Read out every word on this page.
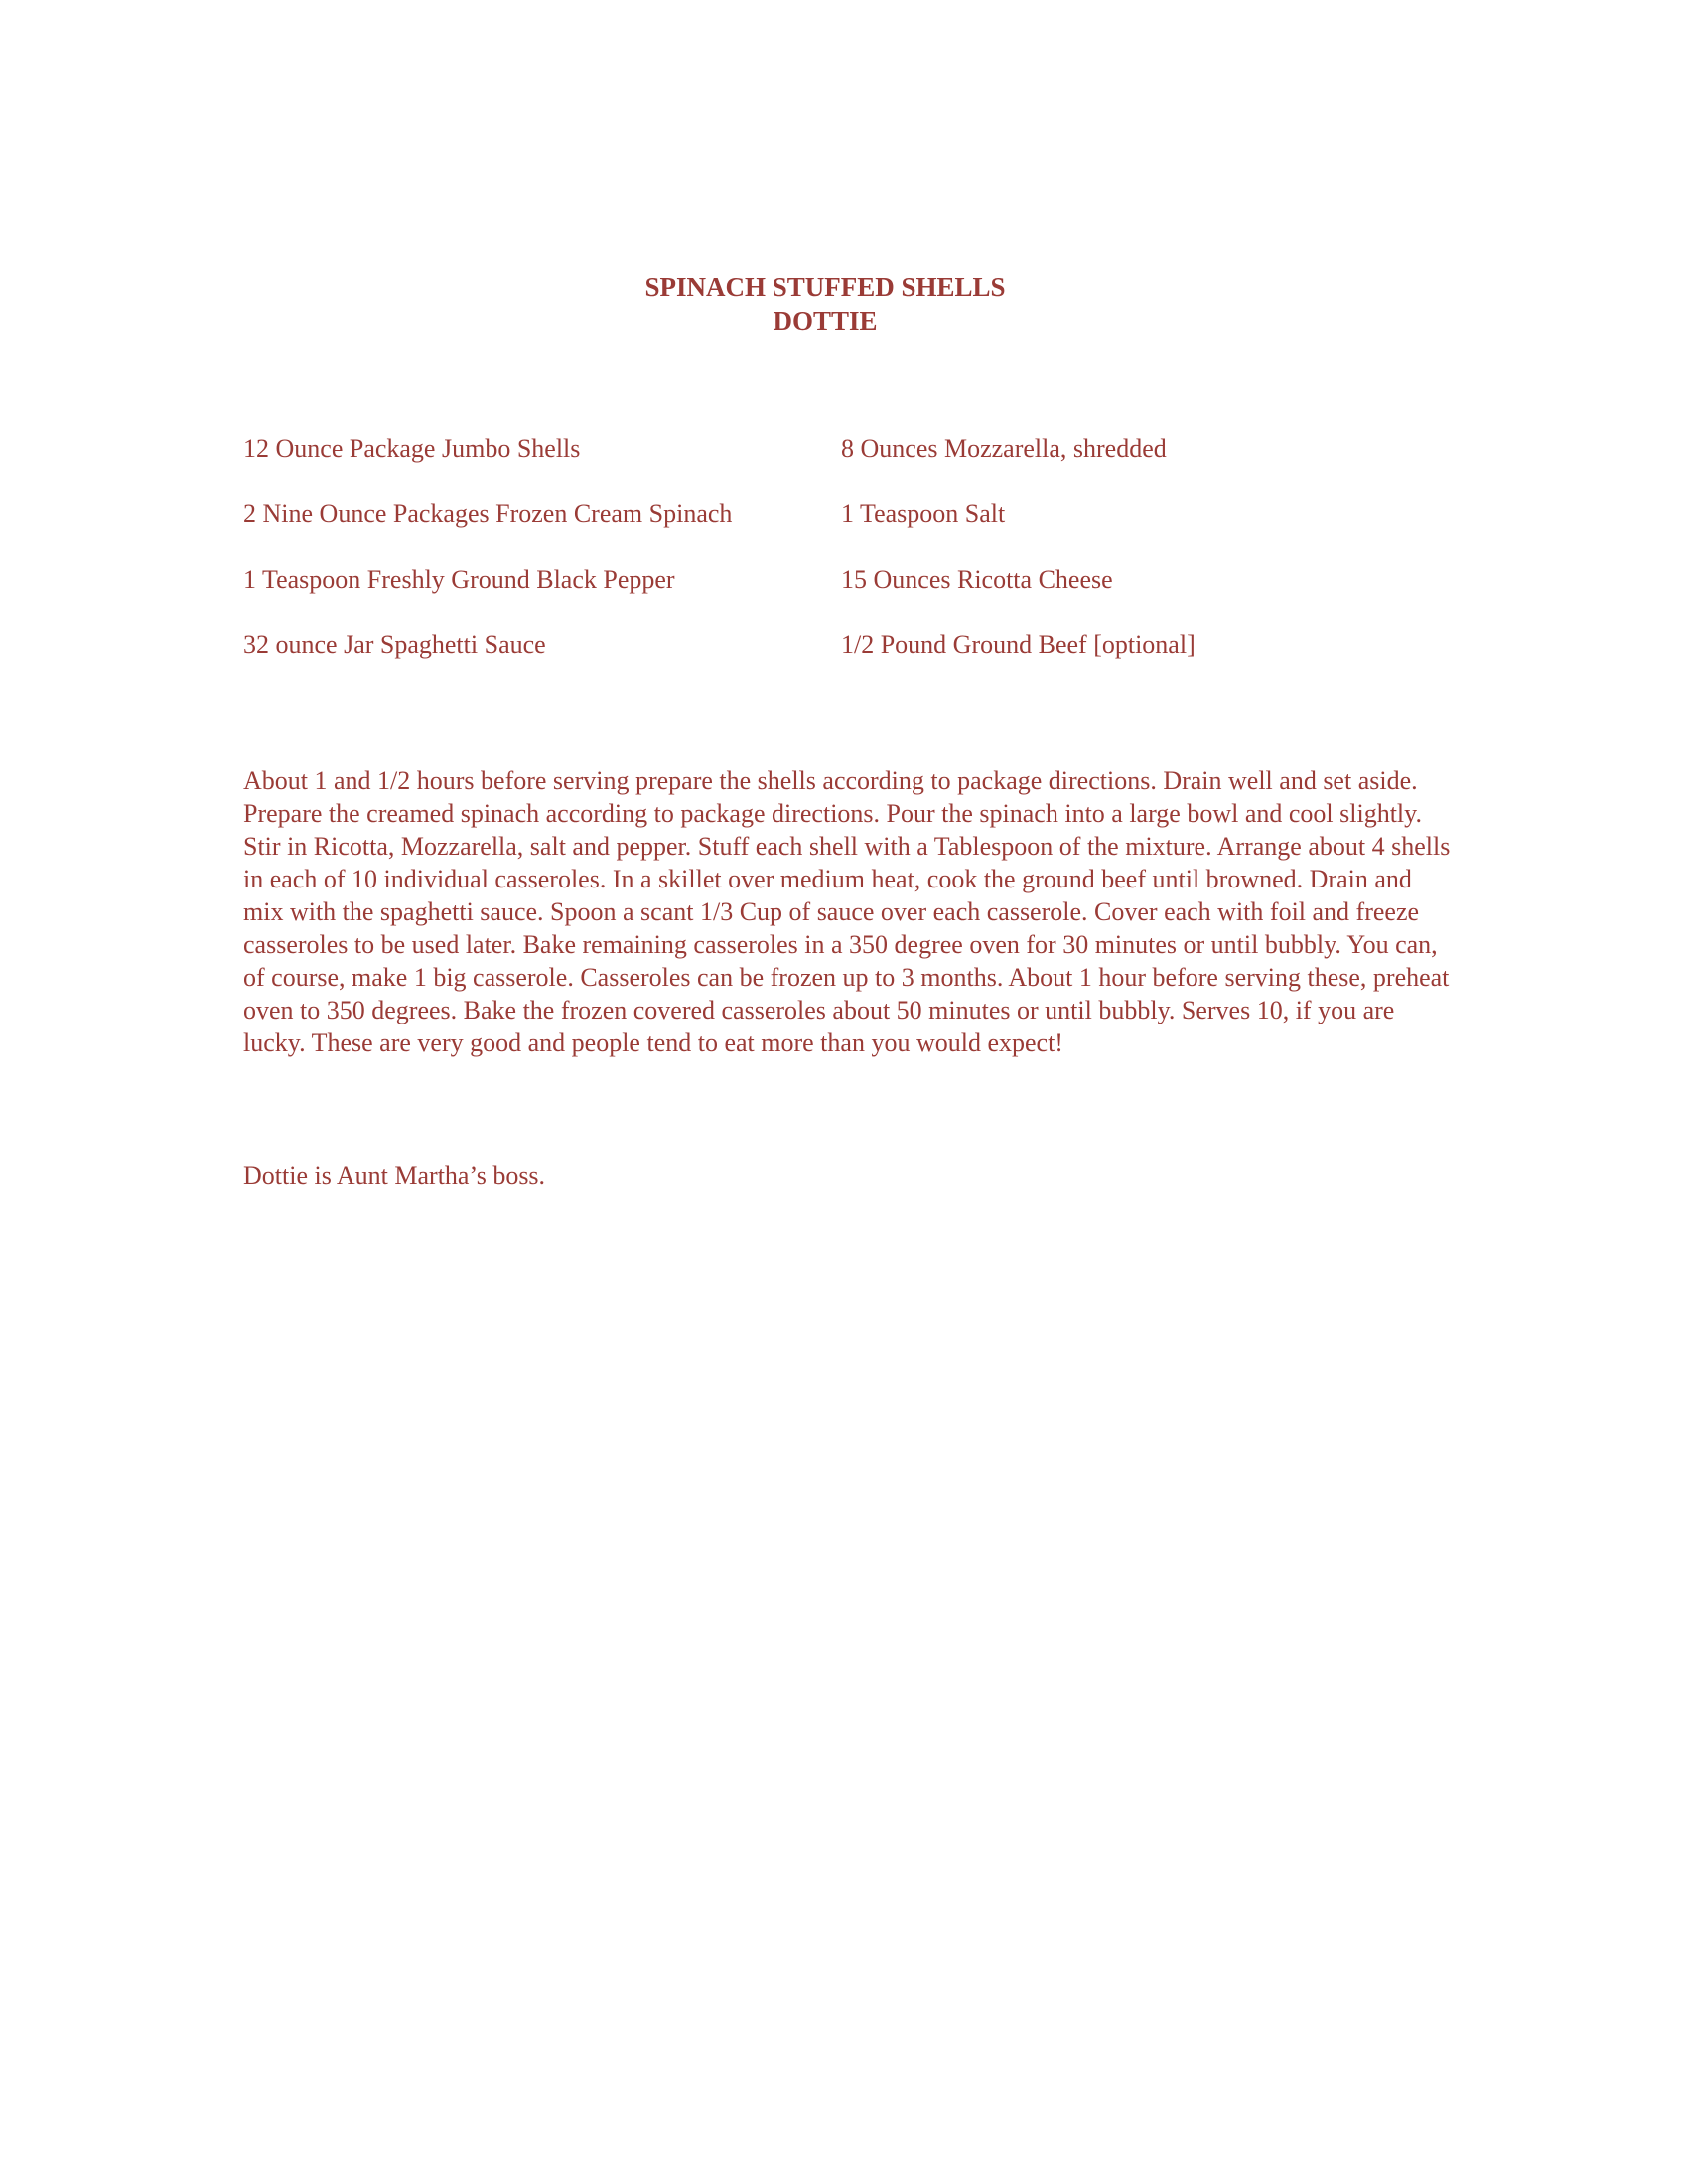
SPINACH STUFFED SHELLS
DOTTIE
12 Ounce Package Jumbo Shells	8 Ounces Mozzarella, shredded
2 Nine Ounce Packages Frozen Cream Spinach	1 Teaspoon Salt
1 Teaspoon Freshly Ground Black Pepper	15 Ounces Ricotta Cheese
32 ounce Jar Spaghetti Sauce	1/2 Pound Ground Beef [optional]

About 1 and 1/2 hours before serving prepare the shells according to package directions. Drain well and set aside. Prepare the creamed spinach according to package directions. Pour the spinach into a large bowl and cool slightly. Stir in Ricotta, Mozzarella, salt and pepper. Stuff each shell with a Tablespoon of the mixture. Arrange about 4 shells in each of 10 individual casseroles. In a skillet over medium heat, cook the ground beef until browned. Drain and mix with the spaghetti sauce. Spoon a scant 1/3 Cup of sauce over each casserole. Cover each with foil and freeze casseroles to be used later. Bake remaining casseroles in a 350 degree oven for 30 minutes or until bubbly. You can, of course, make 1 big casserole. Casseroles can be frozen up to 3 months. About 1 hour before serving these, preheat oven to 350 degrees. Bake the frozen covered casseroles about 50 minutes or until bubbly. Serves 10, if you are lucky. These are very good and people tend to eat more than you would expect!

Dottie is Aunt Martha’s boss.
